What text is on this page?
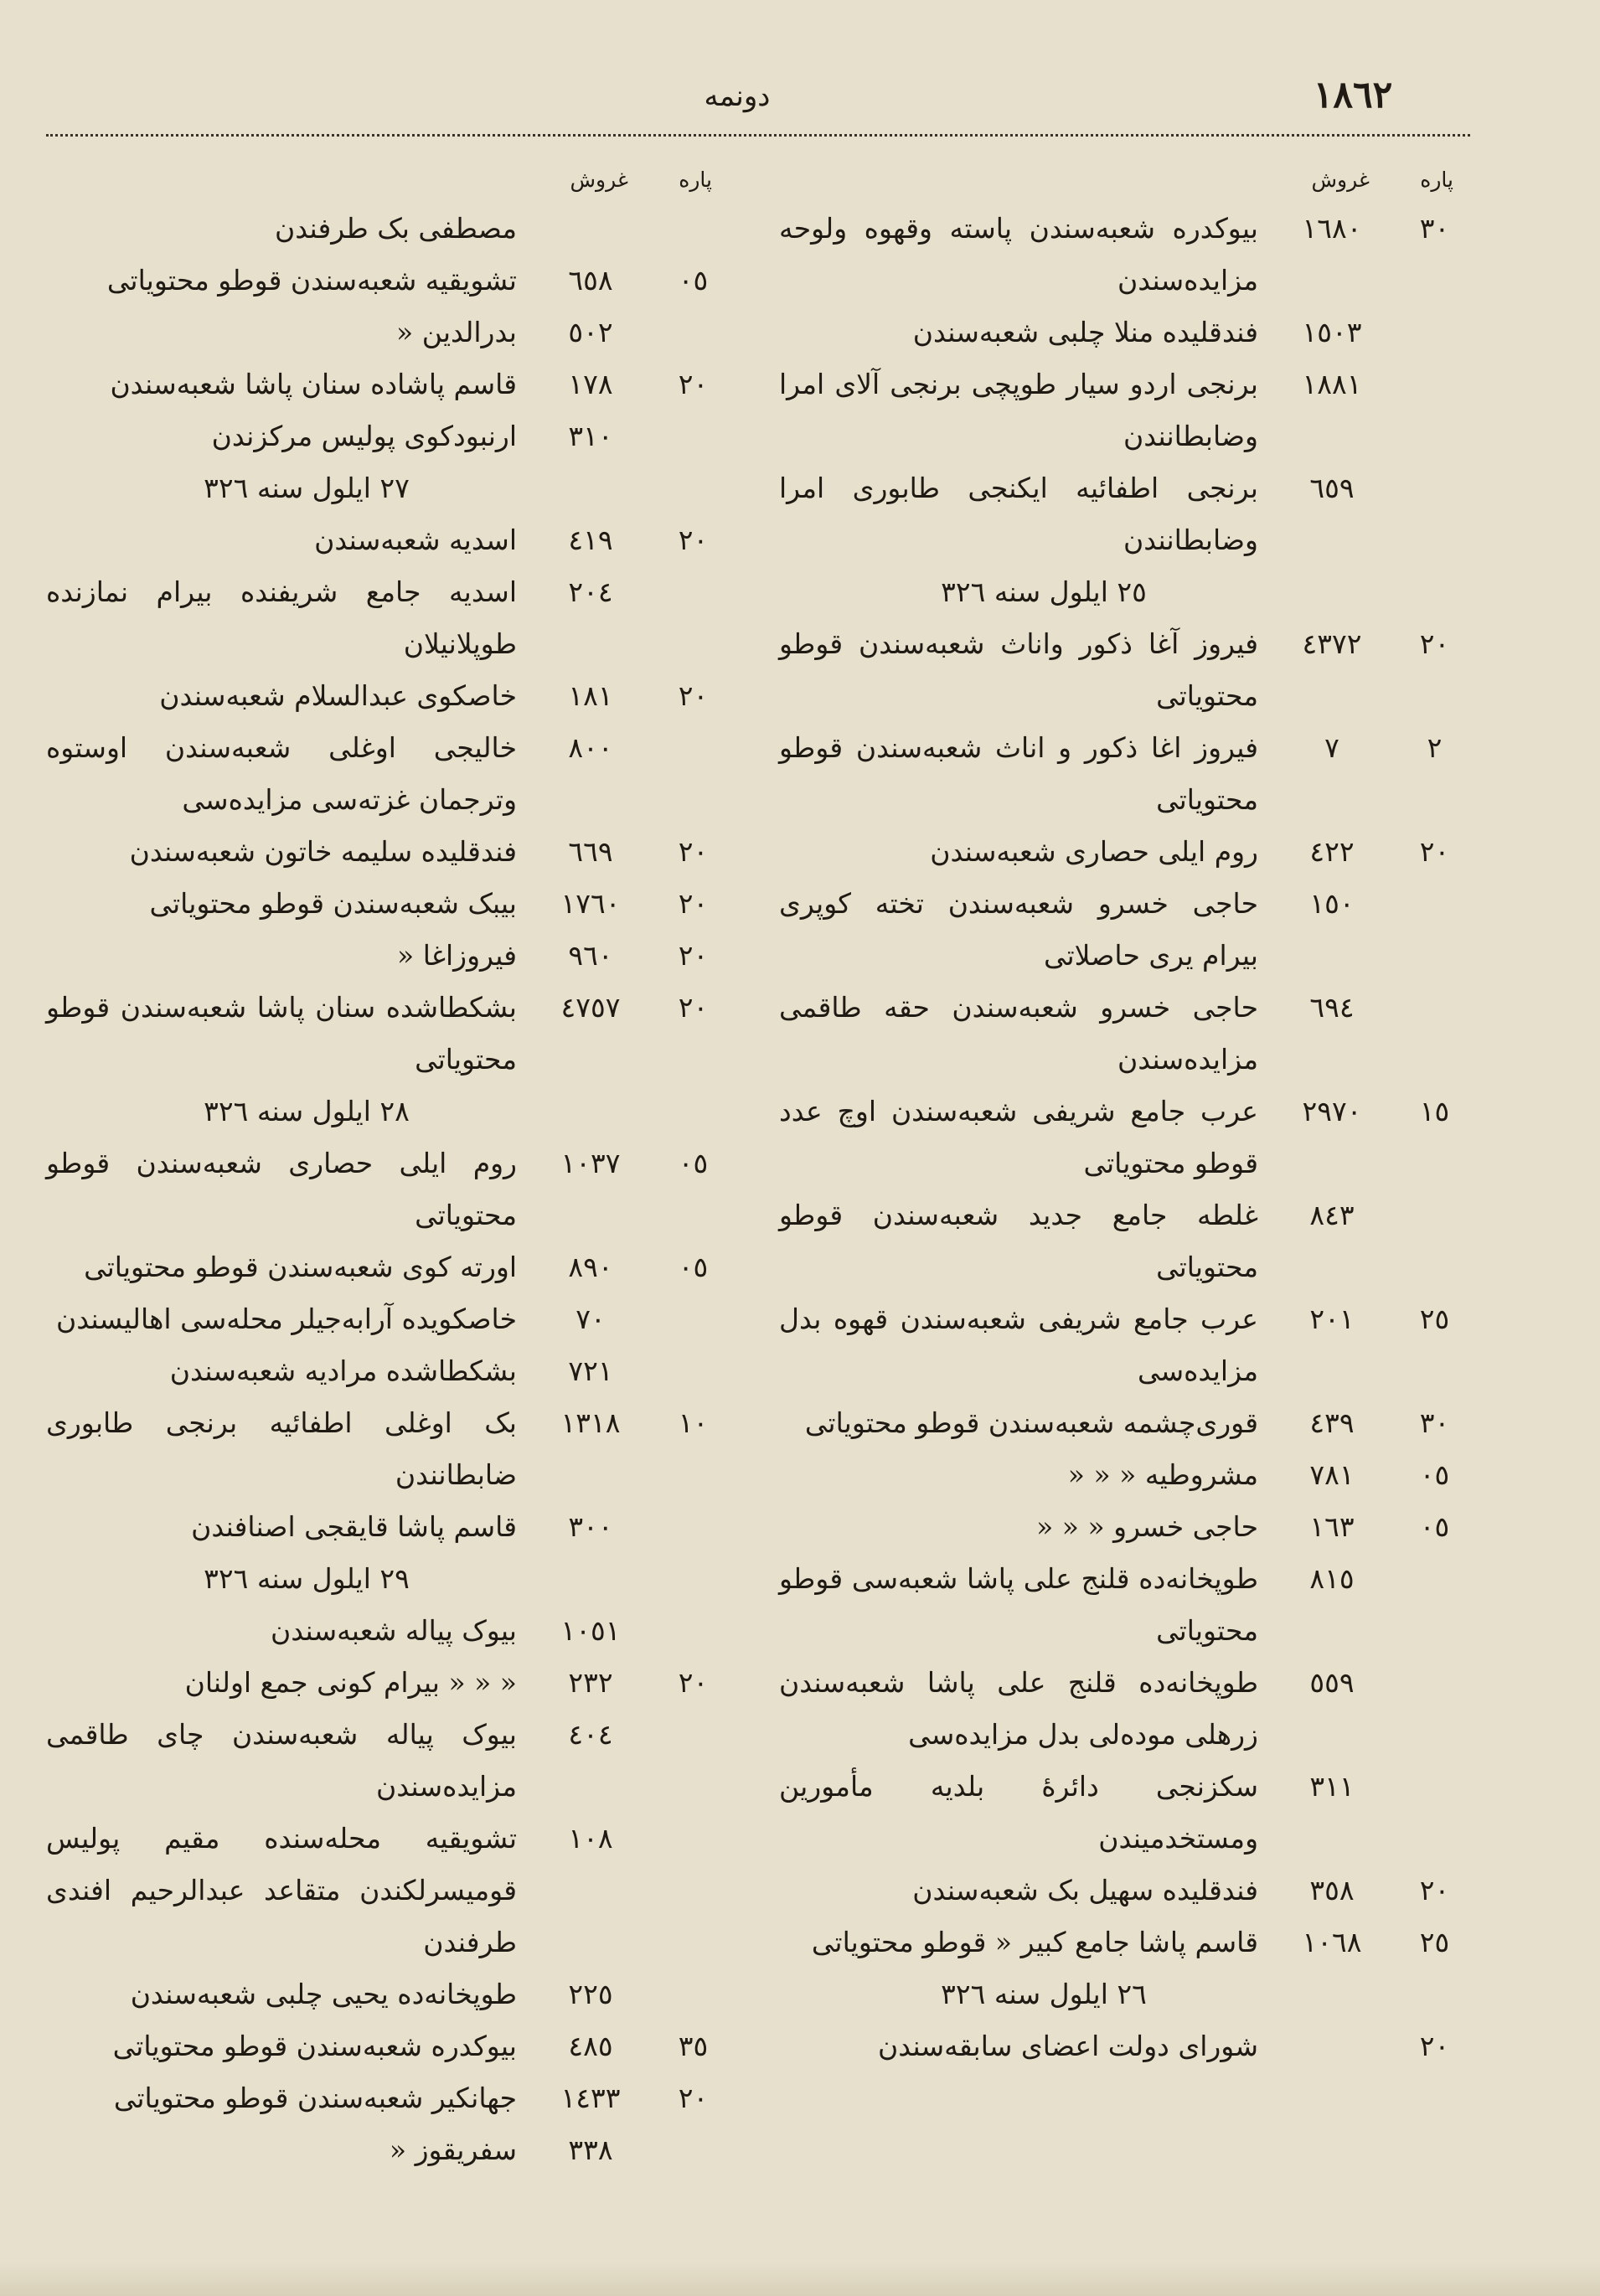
دونمه	١٨٦٢
پاره
غروش
٣٠
١٦٨٠
بیوکدره شعبه‌سندن پاسته وقهوه ولوحه مزایده‌سندن
١٥٠٣
فندقلیده منلا چلبی شعبه‌سندن
١٨٨١
برنجی اردو سیار طوپچی برنجی آلای امرا وضابطانندن
٦٥٩
برنجی اطفائیه ایکنجی طابوری امرا وضابطانندن
٢٥ ایلول سنه ٣٢٦
٢٠
٤٣٧٢
فیروز آغا ذکور واناث شعبه‌سندن قوطو محتویاتی
٢
٧
فیروز اغا ذکور و اناث شعبه‌سندن قوطو محتویاتی
٢٠
٤٢٢
روم ایلی حصاری شعبه‌سندن
١٥٠
حاجی خسرو شعبه‌سندن تخته کوپری بیرام یری حاصلاتی
٦٩٤
حاجی خسرو شعبه‌سندن حقه طاقمی مزایده‌سندن
١٥
٢٩٧٠
عرب جامع شریفی شعبه‌سندن اوچ عدد قوطو محتویاتی
٨٤٣
غلطه جامع جدید شعبه‌سندن قوطو محتویاتی
٢٥
٢٠١
عرب جامع شریفی شعبه‌سندن قهوه بدل مزایده‌سی
٣٠
٤٣٩
قوری‌چشمه شعبه‌سندن قوطو محتویاتی
٠٥
٧٨١
مشروطیه « « «
٠٥
١٦٣
حاجی خسرو « « «
٨١٥
طوپخانه‌ده قلنج علی پاشا شعبه‌سی قوطو محتویاتی
٥٥٩
طوپخانه‌ده قلنج علی پاشا شعبه‌سندن زرهلی موده‌لی بدل مزایده‌سی
٣١١
سکزنجی دائرۀ بلدیه مأمورین ومستخدمیندن
٢٠
٣٥٨
فندقلیده سهیل بک شعبه‌سندن
٢٥
١٠٦٨
قاسم پاشا جامع کبیر « قوطو محتویاتی
٢٦ ایلول سنه ٣٢٦
٢٠
شورای دولت اعضای سابقه‌سندن
پاره
غروش
مصطفی بک طرفندن
٠٥
٦٥٨
تشویقیه شعبه‌سندن قوطو محتویاتی
٥٠٢
بدرالدین «
٢٠
١٧٨
قاسم پاشاده سنان پاشا شعبه‌سندن
٣١٠
ارنبودکوی پولیس مرکزندن
٢٧ ایلول سنه ٣٢٦
٢٠
٤١٩
اسدیه شعبه‌سندن
٢٠٤
اسدیه جامع شریفنده بیرام نمازنده طوپلانیلان
٢٠
١٨١
خاصکوی عبدالسلام شعبه‌سندن
٨٠٠
خالیجی اوغلی شعبه‌سندن اوستوه وترجمان غزته‌سی مزایده‌سی
٢٠
٦٦٩
فندقلیده سلیمه خاتون شعبه‌سندن
٢٠
١٧٦٠
بیبک شعبه‌سندن قوطو محتویاتی
٢٠
٩٦٠
فیروزاغا «
٢٠
٤٧٥٧
بشکطاشده سنان پاشا شعبه‌سندن قوطو محتویاتی
٢٨ ایلول سنه ٣٢٦
٠٥
١٠٣٧
روم ایلی حصاری شعبه‌سندن قوطو محتویاتی
٠٥
٨٩٠
اورته کوی شعبه‌سندن قوطو محتویاتی
٧٠
خاصکویده آرابه‌جیلر محله‌سی اهالیسندن
٧٢١
بشکطاشده مرادیه شعبه‌سندن
١٠
١٣١٨
بک اوغلی اطفائیه برنجی طابوری ضابطانندن
٣٠٠
قاسم پاشا قایقجی اصنافندن
٢٩ ایلول سنه ٣٢٦
١٠٥١
بیوک پیاله شعبه‌سندن
٢٠
٢٣٢
« « « بیرام کونی جمع اولنان
٤٠٤
بیوک پیاله شعبه‌سندن چای طاقمی مزایده‌سندن
١٠٨
تشویقیه محله‌سنده مقیم پولیس قومیسرلکندن متقاعد عبدالرحیم افندی طرفندن
٢٢٥
طوپخانه‌ده یحیی چلبی شعبه‌سندن
٣٥
٤٨٥
بیوکدره شعبه‌سندن قوطو محتویاتی
٢٠
١٤٣٣
جهانکیر شعبه‌سندن قوطو محتویاتی
٣٣٨
سفریقوز «
